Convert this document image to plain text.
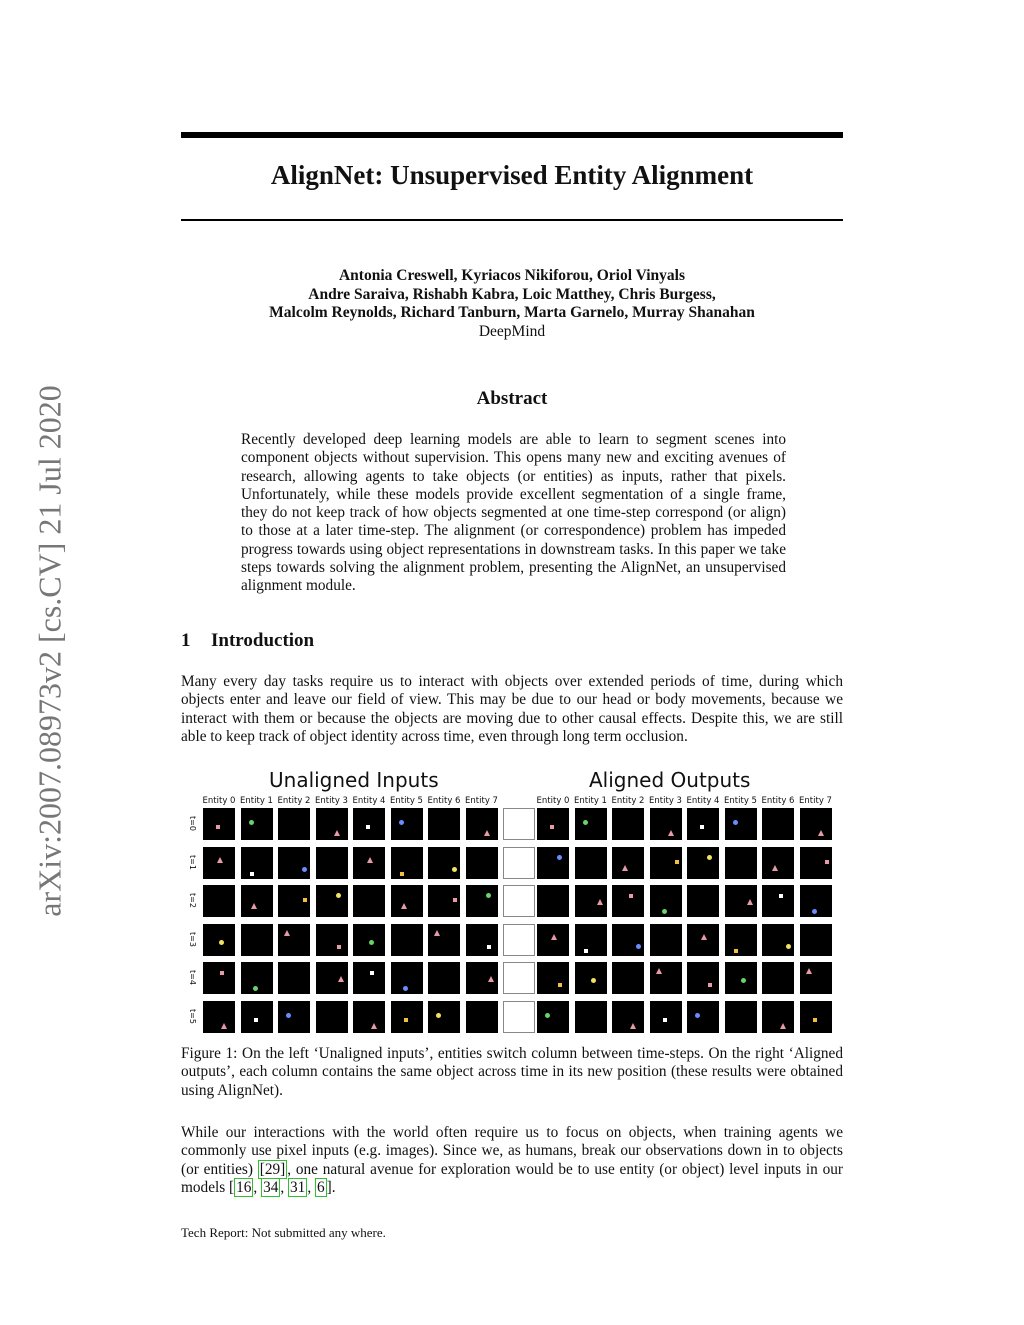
arXiv:2007.08973v2 [cs.CV] 21 Jul 2020
AlignNet: Unsupervised Entity Alignment
Antonia Creswell, Kyriacos Nikiforou, Oriol Vinyals
Andre Saraiva, Rishabh Kabra, Loic Matthey, Chris Burgess,
Malcolm Reynolds, Richard Tanburn, Marta Garnelo, Murray Shanahan
DeepMind
Abstract

Recently developed deep learning models are able to learn to segment scenes into component objects without supervision. This opens many new and exciting avenues of research, allowing agents to take objects (or entities) as inputs, rather that pixels. Unfortunately, while these models provide excellent segmentation of a single frame, they do not keep track of how objects segmented at one time-step correspond (or align) to those at a later time-step. The alignment (or correspondence) problem has impeded progress towards using object representations in downstream tasks. In this paper we take steps towards solving the alignment problem, presenting the AlignNet, an unsupervised alignment module.

1 Introduction

Many every day tasks require us to interact with objects over extended periods of time, during which objects enter and leave our field of view. This may be due to our head or body movements, because we interact with them or because the objects are moving due to other causal effects. Despite this, we are still able to keep track of object identity across time, even through long term occlusion.

Unaligned Inputs	Aligned Outputs
Entity 0	Entity 0
Entity 1	Entity 1
Entity 2	Entity 2
Entity 3	Entity 3
Entity 4	Entity 4
Entity 5	Entity 5
Entity 6	Entity 6
Entity 7	Entity 7
t=0
t=1
t=2
t=3
t=4
t=5

Figure 1: On the left ‘Unaligned inputs’, entities switch column between time-steps. On the right ‘Aligned outputs’, each column contains the same object across time in its new position (these results were obtained using AlignNet).

While our interactions with the world often require us to focus on objects, when training agents we commonly use pixel inputs (e.g. images). Since we, as humans, break our observations down in to objects (or entities) [29] , one natural avenue for exploration would be to use entity (or object) level inputs in our models [ 16 , 34 , 31 , 6 ].

Tech Report: Not submitted any where.
